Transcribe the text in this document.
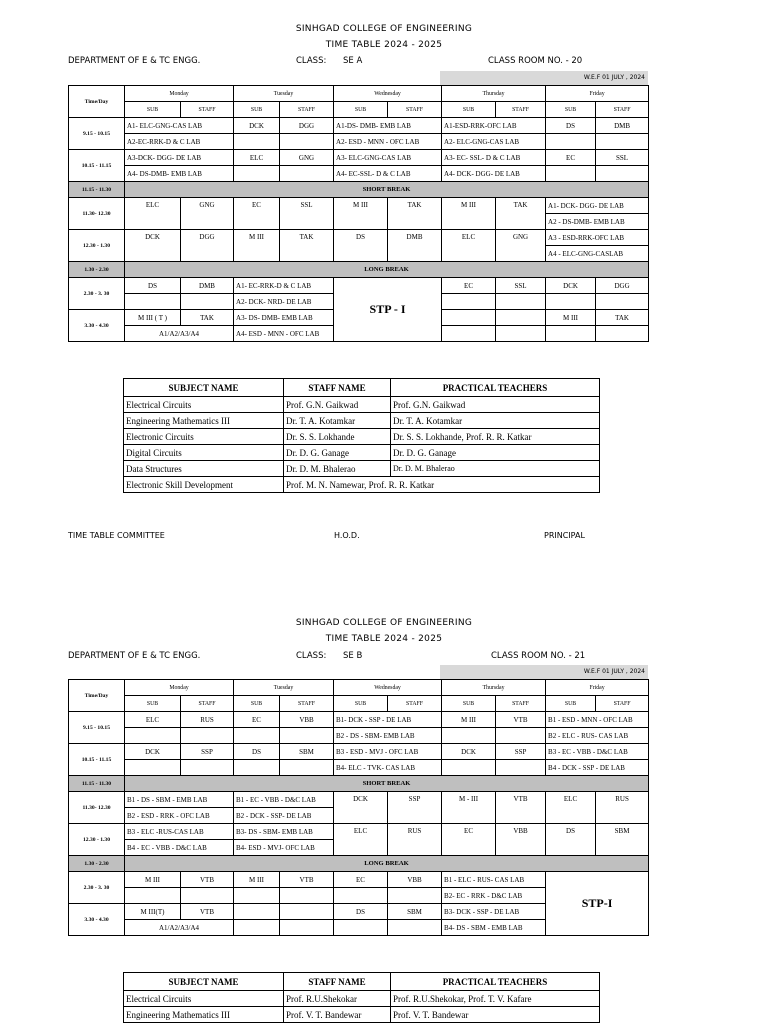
SINHGAD COLLEGE OF ENGINEERING
TIME TABLE 2024 - 2025
DEPARTMENT OF E & TC ENGG.	CLASS: SE A	CLASS ROOM NO. - 20
W.E.F 01 JULY , 2024
Time/Day	Monday		Tuesday		Wednesday		Thursday		Friday	
	SUB	STAFF	SUB	STAFF	SUB	STAFF	SUB	STAFF	SUB	STAFF
9.15 - 10.15	A1- ELC-GNG-CAS LAB		DCK	DGG	A1-DS- DMB- EMB LAB		A1-ESD-RRK-OFC LAB		DS	DMB
	A2-EC-RRK-D & C LAB				A2- ESD - MNN - OFC LAB		A2- ELC-GNG-CAS LAB			
10.15 - 11.15	A3-DCK- DGG- DE LAB		ELC	GNG	A3- ELC-GNG-CAS LAB		A3- EC- SSL- D & C LAB		EC	SSL
	A4- DS-DMB- EMB LAB				A4- EC-SSL- D & C LAB		A4- DCK- DGG- DE LAB			
11.15 - 11.30	SHORT BREAK									
11.30- 12.30	ELC	GNG	EC	SSL	M III	TAK	M III	TAK	A1- DCK- DGG- DE LAB	
									A2 - DS-DMB- EMB LAB	
12.30 - 1.30	DCK	DGG	M III	TAK	DS	DMB	ELC	GNG	A3 - ESD-RRK-OFC LAB	
									A4 - ELC-GNG-CASLAB	
1.30 - 2.30	LONG BREAK									
2.30 - 3. 30	DS	DMB	A1- EC-RRK-D & C LAB		STP - I		EC	SSL	DCK	DGG
			A2- DCK- NRD- DE LAB							
3.30 - 4.30	M III ( T )	TAK	A3- DS- DMB- EMB LAB						M III	TAK
	A1/A2/A3/A4		A4- ESD - MNN - OFC LAB							
SUBJECT NAME	STAFF NAME	PRACTICAL TEACHERS
Electrical Circuits	Prof. G.N. Gaikwad	Prof. G.N. Gaikwad
Engineering Mathematics III	Dr. T. A. Kotamkar	Dr. T. A. Kotamkar
Electronic Circuits	Dr. S. S. Lokhande	Dr. S. S. Lokhande, Prof. R. R. Katkar
Digital Circuits	Dr. D. G. Ganage	Dr. D. G. Ganage
Data Structures	Dr. D. M. Bhalerao	Dr. D. M. Bhalerao
Electronic Skill Development	Prof. M. N. Namewar, Prof. R. R. Katkar	
TIME TABLE COMMITTEE	H.O.D.	PRINCIPAL
SINHGAD COLLEGE OF ENGINEERING
TIME TABLE 2024 - 2025
DEPARTMENT OF E & TC ENGG.	CLASS: SE B	CLASS ROOM NO. - 21
W.E.F 01 JULY , 2024
Time/Day	Monday		Tuesday		Wednesday		Thursday		Friday	
	SUB	STAFF	SUB	STAFF	SUB	STAFF	SUB	STAFF	SUB	STAFF
9.15 - 10.15	ELC	RUS	EC	VBB	B1- DCK - SSP - DE LAB		M III	VTB	B1 - ESD - MNN - OFC LAB	
					B2 - DS - SBM- EMB LAB				B2 - ELC - RUS- CAS LAB	
10.15 - 11.15	DCK	SSP	DS	SBM	B3 - ESD - MVJ - OFC LAB		DCK	SSP	B3 - EC - VBB - D&C LAB	
					B4- ELC - TVK- CAS LAB				B4 - DCK - SSP - DE LAB	
11.15 - 11.30	SHORT BREAK									
11.30- 12.30	B1 - DS - SBM - EMB LAB		B1 - EC - VBB - D&C LAB		DCK	SSP	M - III	VTB	ELC	RUS
	B2 - ESD - RRK - OFC LAB		B2 - DCK - SSP- DE LAB							
12.30 - 1.30	B3 - ELC -RUS-CAS LAB		B3- DS - SBM- EMB LAB		ELC	RUS	EC	VBB	DS	SBM
	B4 - EC - VBB - D&C LAB		B4- ESD - MVJ- OFC LAB							
1.30 - 2.30	LONG BREAK									
2.30 - 3. 30	M III	VTB	M III	VTB	EC	VBB	B1 - ELC - RUS- CAS LAB		STP-I	
							B2- EC - RRK - D&C LAB			
3.30 - 4.30	M III(T)	VTB			DS	SBM	B3- DCK - SSP - DE LAB			
	A1/A2/A3/A4						B4- DS - SBM - EMB LAB			
SUBJECT NAME	STAFF NAME	PRACTICAL TEACHERS
Electrical Circuits	Prof. R.U.Shekokar	Prof. R.U.Shekokar, Prof. T. V. Kafare
Engineering Mathematics III	Prof. V. T. Bandewar	Prof. V. T. Bandewar
